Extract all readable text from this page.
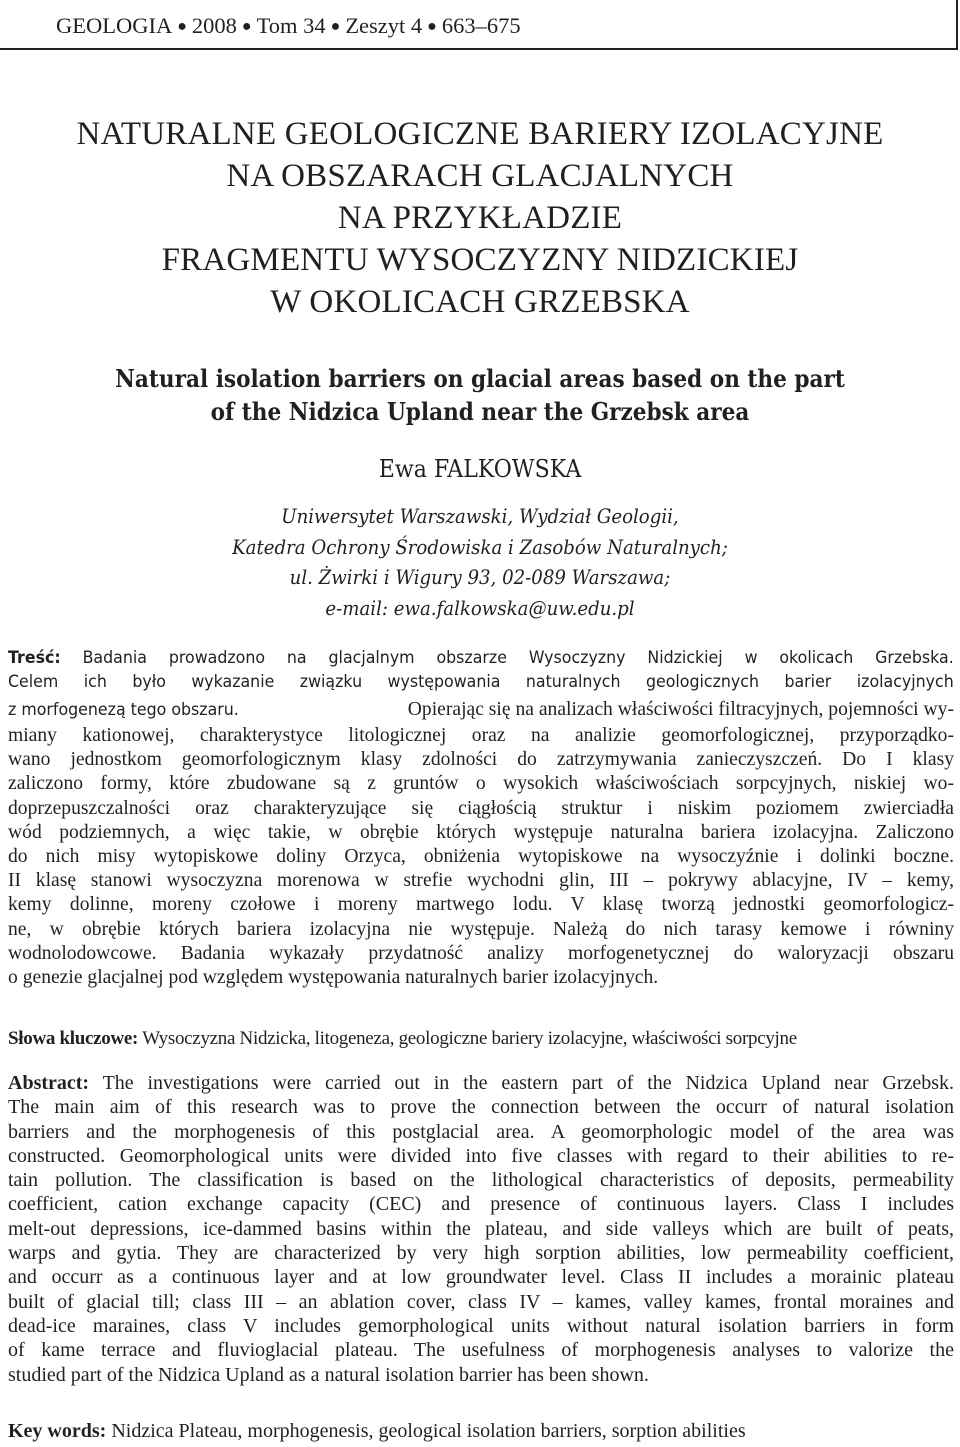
GEOLOGIA ● 2008 ● Tom 34 ● Zeszyt 4 ● 663–675
NATURALNE GEOLOGICZNE BARIERY IZOLACYJNE
NA OBSZARACH GLACJALNYCH
NA PRZYKŁADZIE
FRAGMENTU WYSOCZYZNY NIDZICKIEJ
W OKOLICACH GRZEBSKA
Natural isolation barriers on glacial areas based on the part
of the Nidzica Upland near the Grzebsk area
Ewa FALKOWSKA
Uniwersytet Warszawski, Wydział Geologii,
Katedra Ochrony Środowiska i Zasobów Naturalnych;
ul. Żwirki i Wigury 93, 02-089 Warszawa;
e-mail: ewa.falkowska@uw.edu.pl
Treść: Badania prowadzono na glacjalnym obszarze Wysoczyzny Nidzickiej w okolicach Grzebska.
Celem ich było wykazanie związku występowania naturalnych geologicznych barier izolacyjnych
z morfogenezą tego obszaru.	Opierając się na analizach właściwości filtracyjnych, pojemności wy-
miany kationowej, charakterystyce litologicznej oraz na analizie geomorfologicznej, przyporządko-
wano jednostkom geomorfologicznym klasy zdolności do zatrzymywania zanieczyszczeń. Do I klasy
zaliczono formy, które zbudowane są z gruntów o wysokich właściwościach sorpcyjnych, niskiej wo-
doprzepuszczalności oraz charakteryzujące się ciągłością struktur i niskim poziomem zwierciadła
wód podziemnych, a więc takie, w obrębie których występuje naturalna bariera izolacyjna. Zaliczono
do nich misy wytopiskowe doliny Orzyca, obniżenia wytopiskowe na wysoczyźnie i dolinki boczne.
II klasę stanowi wysoczyzna morenowa w strefie wychodni glin, III – pokrywy ablacyjne, IV – kemy,
kemy dolinne, moreny czołowe i moreny martwego lodu. V klasę tworzą jednostki geomorfologicz-
ne, w obrębie których bariera izolacyjna nie występuje. Należą do nich tarasy kemowe i równiny
wodnolodowcowe. Badania wykazały przydatność analizy morfogenetycznej do waloryzacji obszaru
o genezie glacjalnej pod względem występowania naturalnych barier izolacyjnych.
Słowa kluczowe: Wysoczyzna Nidzicka, litogeneza, geologiczne bariery izolacyjne, właściwości sorpcyjne
Abstract: The investigations were carried out in the eastern part of the Nidzica Upland near Grzebsk.
The main aim of this research was to prove the connection between the occurr of natural isolation
barriers and the morphogenesis of this postglacial area. A geomorphologic model of the area was
constructed. Geomorphological units were divided into five classes with regard to their abilities to re-
tain pollution. The classification is based on the lithological characteristics of deposits, permeability
coefficient, cation exchange capacity (CEC) and presence of continuous layers. Class I includes
melt-out depressions, ice-dammed basins within the plateau, and side valleys which are built of peats,
warps and gytia. They are characterized by very high sorption abilities, low permeability coefficient,
and occurr as a continuous layer and at low groundwater level. Class II includes a morainic plateau
built of glacial till; class III – an ablation cover, class IV – kames, valley kames, frontal moraines and
dead-ice maraines, class V includes gemorphological units without natural isolation barriers in form
of kame terrace and fluvioglacial plateau. The usefulness of morphogenesis analyses to valorize the
studied part of the Nidzica Upland as a natural isolation barrier has been shown.
Key words: Nidzica Plateau, morphogenesis, geological isolation barriers, sorption abilities
